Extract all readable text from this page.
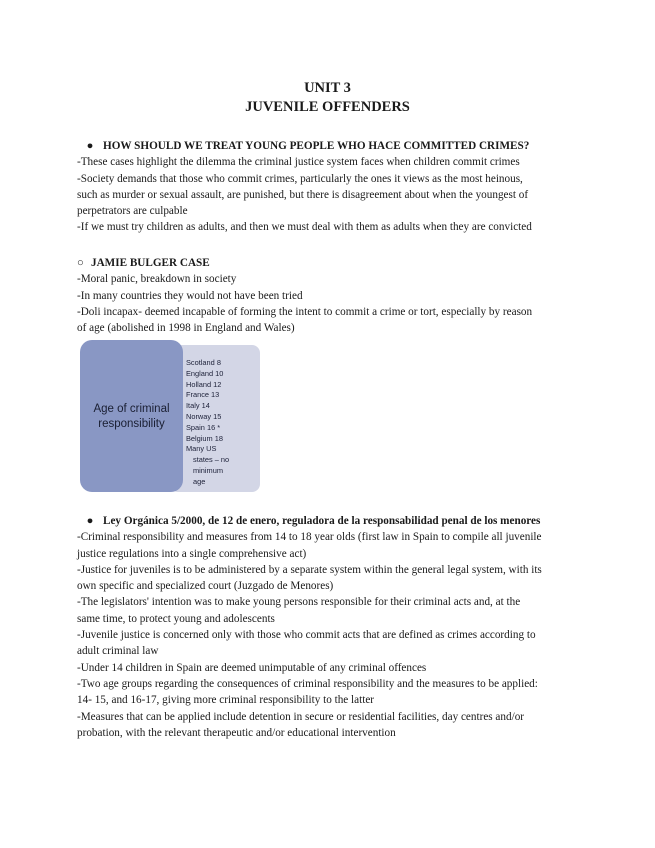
UNIT 3
JUVENILE OFFENDERS

● HOW SHOULD WE TREAT YOUNG PEOPLE WHO HACE COMMITTED CRIMES?

-These cases highlight the dilemma the criminal justice system faces when children commit crimes

-Society demands that those who commit crimes, particularly the ones it views as the most heinous,

such as murder or sexual assault, are punished, but there is disagreement about when the youngest of

perpetrators are culpable

-If we must try children as adults, and then we must deal with them as adults when they are convicted

○ JAMIE BULGER CASE

-Moral panic, breakdown in society

-In many countries they would not have been tried

-Doli incapax- deemed incapable of forming the intent to commit a crime or tort, especially by reason

of age (abolished in 1998 in England and Wales)

Age of criminal
responsibility
Scotland 8
England 10
Holland 12
France 13
Italy 14
Norway 15
Spain 16 *
Belgium 18
Many US
states – no
minimum
age

● Ley Orgánica 5/2000, de 12 de enero, reguladora de la responsabilidad penal de los menores

-Criminal responsibility and measures from 14 to 18 year olds (first law in Spain to compile all juvenile

justice regulations into a single comprehensive act)

-Justice for juveniles is to be administered by a separate system within the general legal system, with its

own specific and specialized court (Juzgado de Menores)

-The legislators' intention was to make young persons responsible for their criminal acts and, at the

same time, to protect young and adolescents

-Juvenile justice is concerned only with those who commit acts that are defined as crimes according to

adult criminal law

-Under 14 children in Spain are deemed unimputable of any criminal offences

-Two age groups regarding the consequences of criminal responsibility and the measures to be applied:

14- 15, and 16-17, giving more criminal responsibility to the latter

-Measures that can be applied include detention in secure or residential facilities, day centres and/or

probation, with the relevant therapeutic and/or educational intervention
